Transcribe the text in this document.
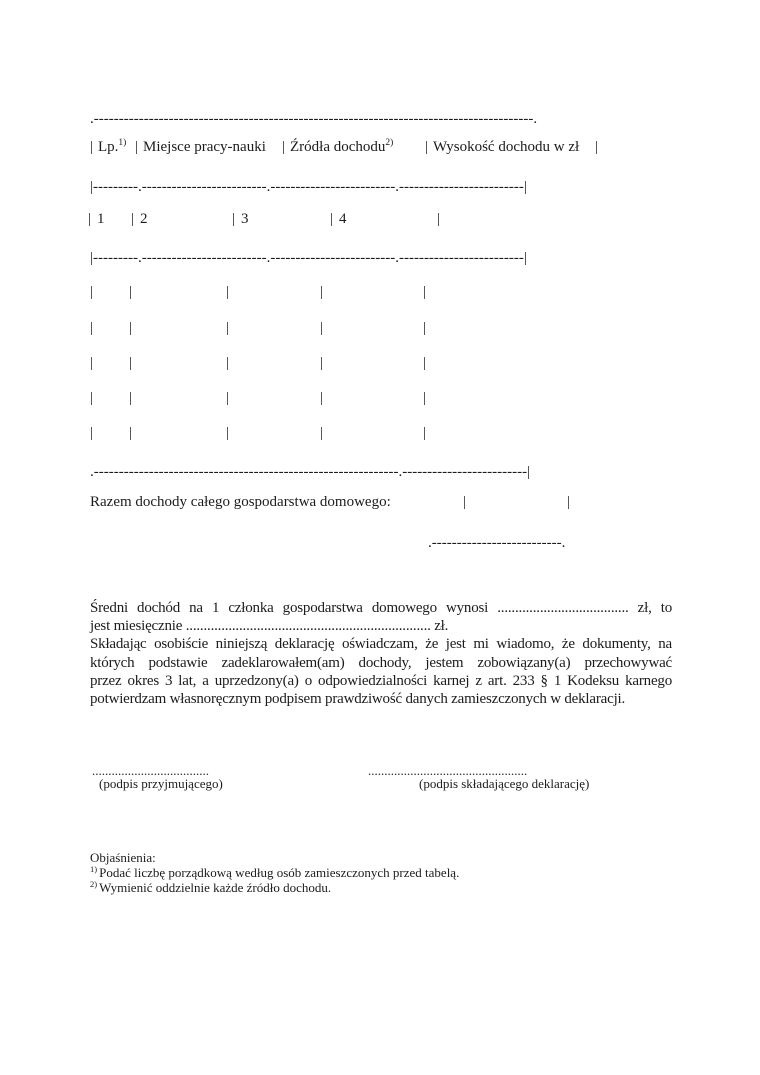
.----------------------------------------------------------------------------------------.
| Lp.$^{1)}$ | Miejsce pracy-nauki | Źródła dochodu$^{2)}$ | Wysokość dochodu w zł |
|---------.-------------------------.-------------------------.-------------------------|
| 1 | 2	| 3	| 4	|
|---------.-------------------------.-------------------------.-------------------------|
| |	|	|	|
| |	|	|	|
| |	|	|	|
| |	|	|	|
| |	|	|	|
.-------------------------------------------------------------.-------------------------|
Razem dochody całego gospodarstwa domowego:	|	|
.--------------------------.
Średni dochód na 1 członka gospodarstwa domowego wynosi ..................................... zł, to
jest miesięcznie ..................................................................... zł.
Składając osobiście niniejszą deklarację oświadczam, że jest mi wiadomo, że dokumenty, na
których podstawie zadeklarowałem(am) dochody, jestem zobowiązany(a) przechowywać
przez okres 3 lat, a uprzedzony(a) o odpowiedzialności karnej z art. 233 § 1 Kodeksu karnego
potwierdzam własnoręcznym podpisem prawdziwość danych zamieszczonych w deklaracji.
....................................
(podpis przyjmującego)
.................................................
(podpis składającego deklarację)
Objaśnienia:
$^{1)}$ Podać liczbę porządkową według osób zamieszczonych przed tabelą.
$^{2)}$ Wymienić oddzielnie każde źródło dochodu.
